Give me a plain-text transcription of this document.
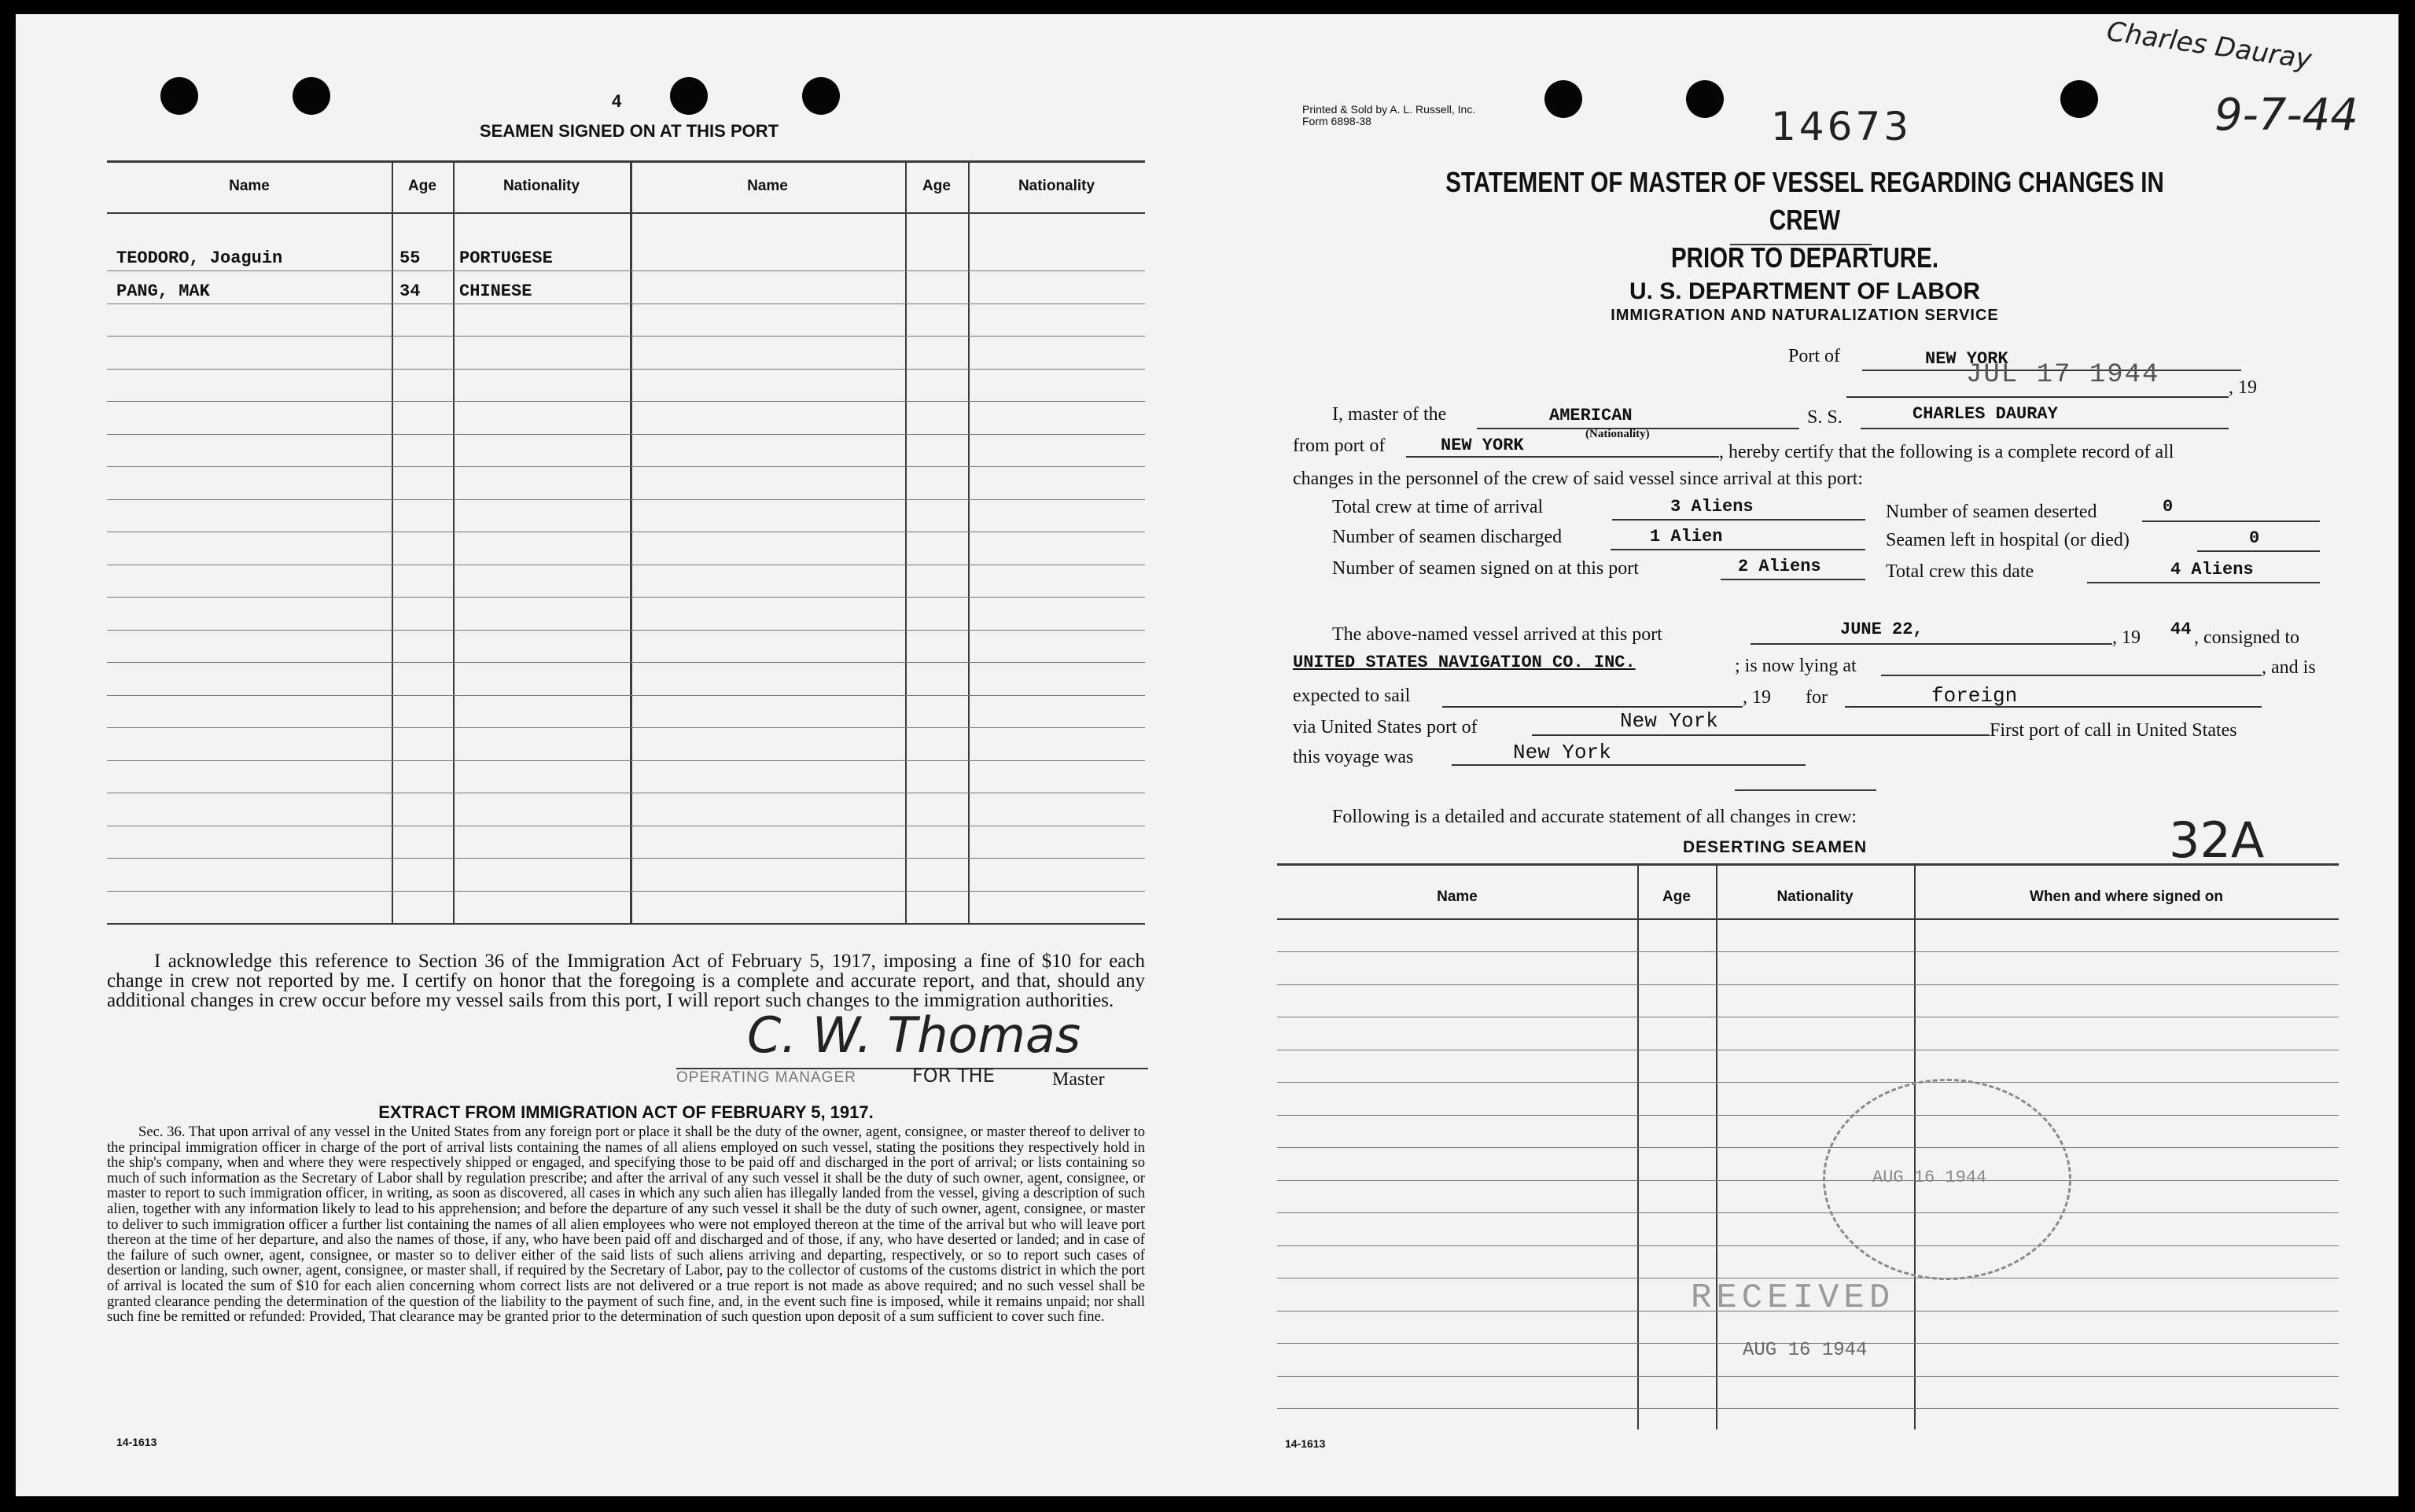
4
SEAMEN SIGNED ON AT THIS PORT
Name	Age	Nationality	Name	Age	Nationality
TEODORO, Joaguin	55 PORTUGESE
PANG, MAK	34 CHINESE
I acknowledge this reference to Section 36 of the Immigration Act of February 5, 1917, imposing a fine of $10 for each change in crew not reported by me. I certify on honor that the foregoing is a complete and accurate report, and that, should any additional changes in crew occur before my vessel sails from this port, I will report such changes to the immigration authorities.
C. W. Thomas
OPERATING MANAGER	FOR THE	Master
EXTRACT FROM IMMIGRATION ACT OF FEBRUARY 5, 1917.
Sec. 36. That upon arrival of any vessel in the United States from any foreign port or place it shall be the duty of the owner, agent, consignee, or master thereof to deliver to the principal immigration officer in charge of the port of arrival lists containing the names of all aliens employed on such vessel, stating the positions they respectively hold in the ship's company, when and where they were respectively shipped or engaged, and specifying those to be paid off and discharged in the port of arrival; or lists containing so much of such information as the Secretary of Labor shall by regulation prescribe; and after the arrival of any such vessel it shall be the duty of such owner, agent, consignee, or master to report to such immigration officer, in writing, as soon as discovered, all cases in which any such alien has illegally landed from the vessel, giving a description of such alien, together with any information likely to lead to his apprehension; and before the departure of any such vessel it shall be the duty of such owner, agent, consignee, or master to deliver to such immigration officer a further list containing the names of all alien employees who were not employed thereon at the time of the arrival but who will leave port thereon at the time of her departure, and also the names of those, if any, who have been paid off and discharged and of those, if any, who have deserted or landed; and in case of the failure of such owner, agent, consignee, or master so to deliver either of the said lists of such aliens arriving and departing, respectively, or so to report such cases of desertion or landing, such owner, agent, consignee, or master shall, if required by the Secretary of Labor, pay to the collector of customs of the customs district in which the port of arrival is located the sum of $10 for each alien concerning whom correct lists are not delivered or a true report is not made as above required; and no such vessel shall be granted clearance pending the determination of the question of the liability to the payment of such fine, and, in the event such fine is imposed, while it remains unpaid; nor shall such fine be remitted or refunded: Provided, That clearance may be granted prior to the determination of such question upon deposit of a sum sufficient to cover such fine.
14-1613
Printed & Sold by A. L. Russell, Inc.
Form 6898-38	14673
Charles Dauray
9-7-44
STATEMENT OF MASTER OF VESSEL REGARDING CHANGES IN CREW
PRIOR TO DEPARTURE.
U. S. DEPARTMENT OF LABOR
IMMIGRATION AND NATURALIZATION SERVICE
Port of	NEW YORK
JUL 17 1944	, 19
I, master of the	AMERICAN
(Nationality)
S. S.	CHARLES DAURAY
from port of	NEW YORK	, hereby certify that the following is a complete record of all
changes in the personnel of the crew of said vessel since arrival at this port:
Total crew at time of arrival	3 Aliens	Number of seamen deserted	0
Number of seamen discharged	1 Alien	Seamen left in hospital (or died)	0
Number of seamen signed on at this port	2 Aliens	Total crew this date	4 Aliens
The above-named vessel arrived at this port	JUNE 22,	, 19 44 , consigned to
UNITED STATES NAVIGATION CO. INC.	; is now lying at	, and is
expected to sail	, 19 for	foreign
via United States port of	New York	First port of call in United States
this voyage was	New York
Following is a detailed and accurate statement of all changes in crew:
DESERTING SEAMEN	32A
Name	Age	Nationality	When and where signed on
AUG 16 1944
RECEIVED
AUG 16 1944
14-1613
